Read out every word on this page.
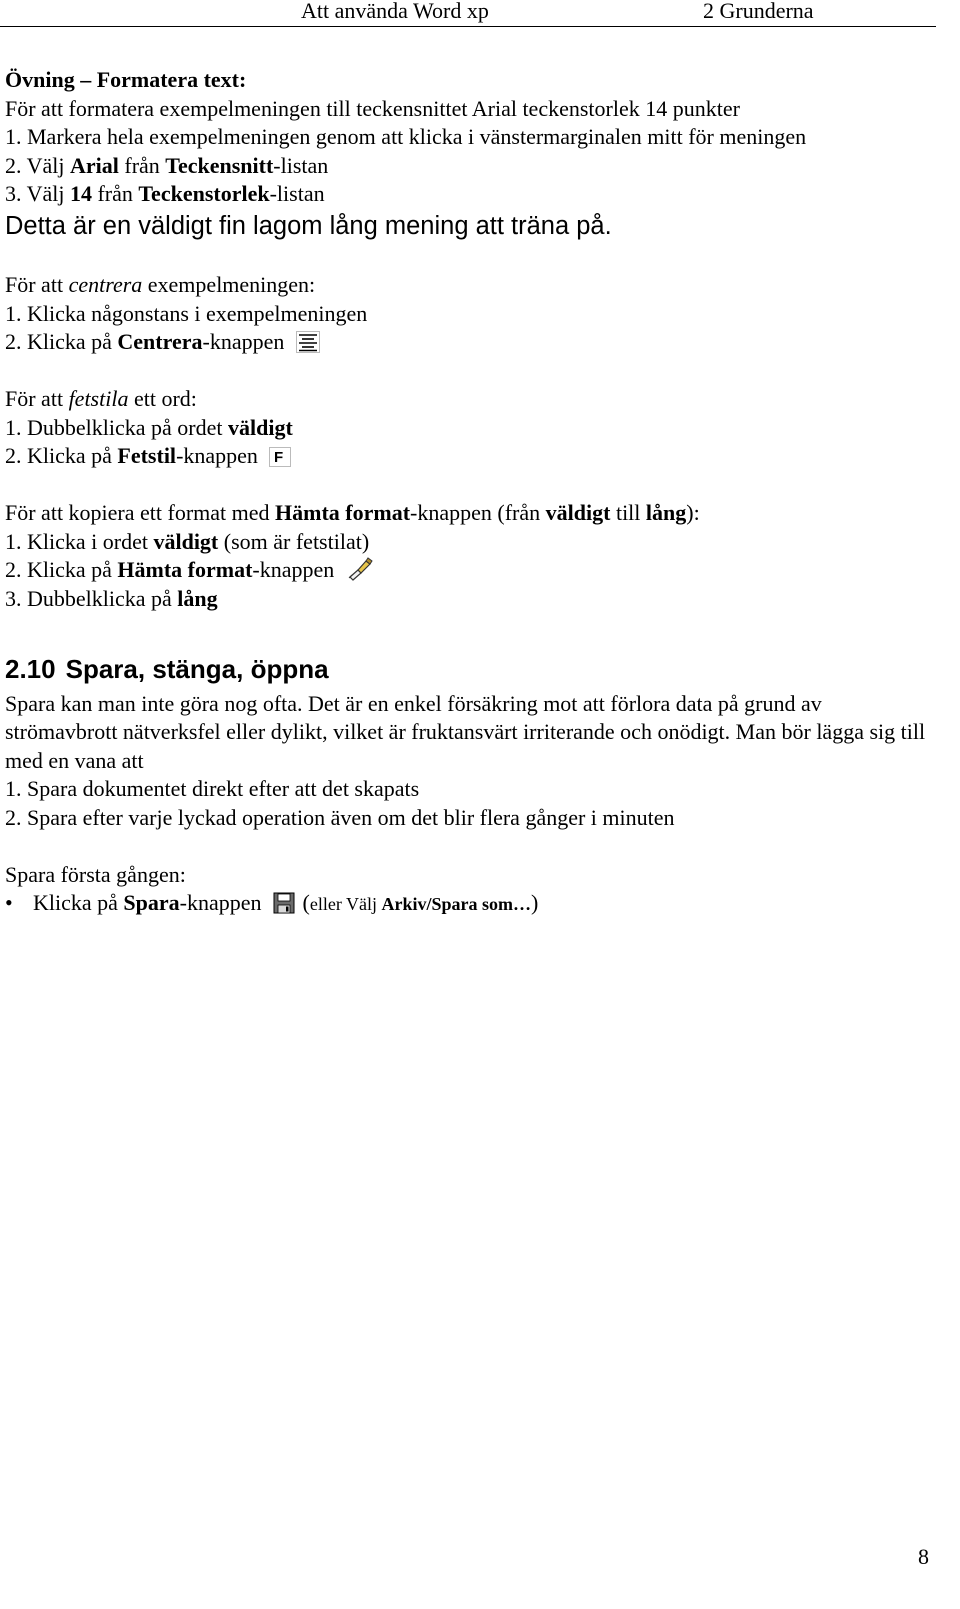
Att använda Word xp	2 Grunderna
Övning – Formatera text:
För att formatera exempelmeningen till teckensnittet Arial teckenstorlek 14 punkter
1. Markera hela exempelmeningen genom att klicka i vänstermarginalen mitt för meningen
2. Välj Arial från Teckensnitt-listan
3. Välj 14 från Teckenstorlek-listan
Detta är en väldigt fin lagom lång mening att träna på.
För att centrera exempelmeningen:
1. Klicka någonstans i exempelmeningen
2. Klicka på Centrera-knappen
För att fetstila ett ord:
1. Dubbelklicka på ordet väldigt
2. Klicka på Fetstil-knappen F
För att kopiera ett format med Hämta format-knappen (från väldigt till lång):
1. Klicka i ordet väldigt (som är fetstilat)
2. Klicka på Hämta format-knappen
3. Dubbelklicka på lång
2.10 Spara, stänga, öppna
Spara kan man inte göra nog ofta. Det är en enkel försäkring mot att förlora data på grund av strömavbrott nätverksfel eller dylikt, vilket är fruktansvärt irriterande och onödigt. Man bör lägga sig till med en vana att
1. Spara dokumentet direkt efter att det skapats
2. Spara efter varje lyckad operation även om det blir flera gånger i minuten
Spara första gången:
• Klicka på Spara-knappen (eller Välj Arkiv/Spara som…)
8
